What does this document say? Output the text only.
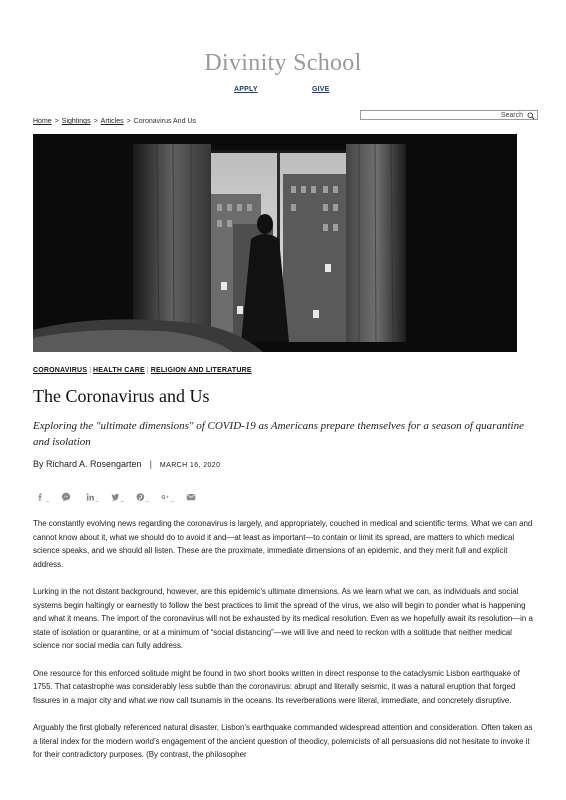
Divinity School
APPLY	GIVE
Search
Home > Sightings > Articles > Coronavirus And Us
CORONAVIRUS | HEALTH CARE | RELIGION AND LITERATURE
The Coronavirus and Us

Exploring the "ultimate dimensions" of COVID-19 as Americans prepare themselves for a season of quarantine and isolation

By Richard A. Rosengarten | MARCH 16, 2020
_	_	_	_	_

The constantly evolving news regarding the coronavirus is largely, and appropriately, couched in medical and scientific terms. What we can and cannot know about it, what we should do to avoid it and—at least as important—to contain or limit its spread, are matters to which medical science speaks, and we should all listen. These are the proximate, immediate dimensions of an epidemic, and they merit full and explicit address.

Lurking in the not distant background, however, are this epidemic’s ultimate dimensions. As we learn what we can, as individuals and social systems begin haltingly or earnestly to follow the best practices to limit the spread of the virus, we also will begin to ponder what is happening and what it means. The import of the coronavirus will not be exhausted by its medical resolution. Even as we hopefully await its resolution—in a state of isolation or quarantine, or at a minimum of “social distancing”—we will live and need to reckon with a solitude that neither medical science nor social media can fully address.

One resource for this enforced solitude might be found in two short books written in direct response to the cataclysmic Lisbon earthquake of 1755. That catastrophe was considerably less subtle than the coronavirus: abrupt and literally seismic, it was a natural eruption that forged fissures in a major city and what we now call tsunamis in the oceans. Its reverberations were literal, immediate, and concretely disruptive.

Arguably the first globally referenced natural disaster, Lisbon’s earthquake commanded widespread attention and consideration. Often taken as a literal index for the modern world’s engagement of the ancient question of theodicy, polemicists of all persuasions did not hesitate to invoke it for their contradictory purposes. (By contrast, the philosopher
